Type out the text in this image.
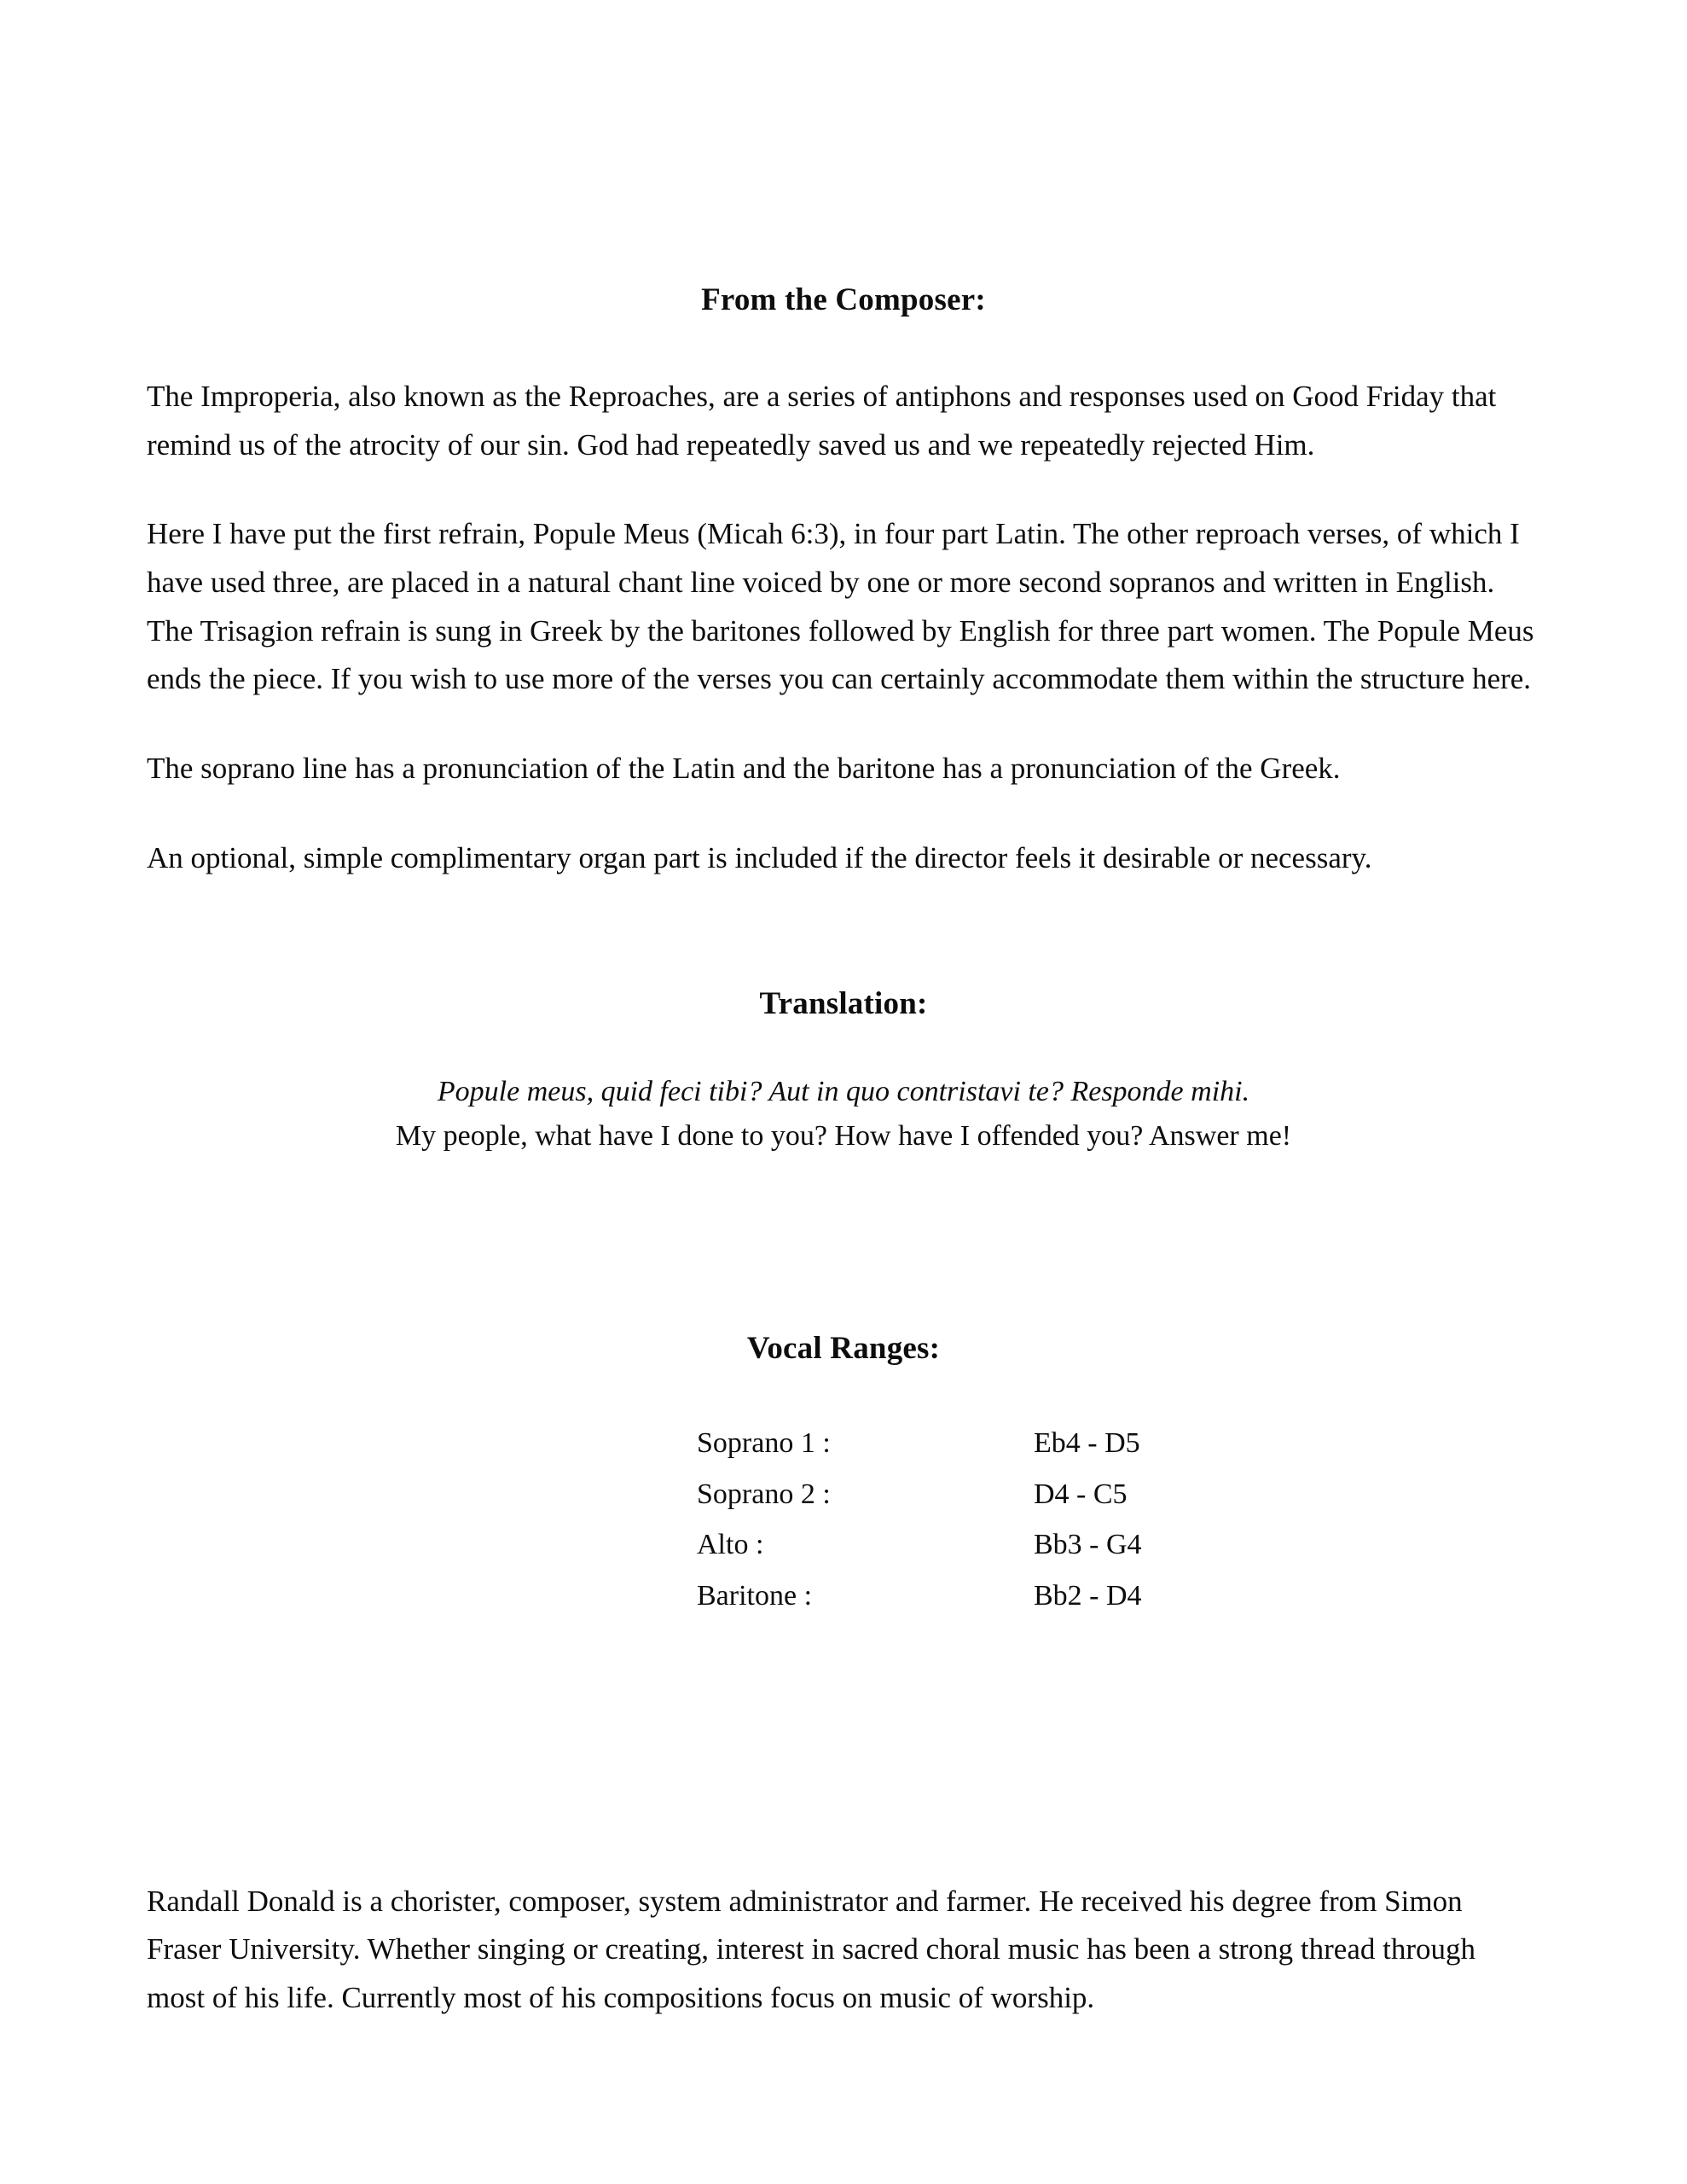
From the Composer:

The Improperia, also known as the Reproaches, are a series of antiphons and responses used on Good Friday that remind us of the atrocity of our sin. God had repeatedly saved us and we repeatedly rejected Him.

Here I have put the first refrain, Popule Meus (Micah 6:3), in four part Latin. The other reproach verses, of which I have used three, are placed in a natural chant line voiced by one or more second sopranos and written in English. The Trisagion refrain is sung in Greek by the baritones followed by English for three part women. The Popule Meus ends the piece. If you wish to use more of the verses you can certainly accommodate them within the structure here.

The soprano line has a pronunciation of the Latin and the baritone has a pronunciation of the Greek.

An optional, simple complimentary organ part is included if the director feels it desirable or necessary.

Translation:
Popule meus, quid feci tibi? Aut in quo contristavi te? Responde mihi.
My people, what have I done to you? How have I offended you? Answer me!
Vocal Ranges:
Soprano 1 :	Eb4 - D5
Soprano 2 :	D4 - C5
Alto :	Bb3 - G4
Baritone :	Bb2 - D4

Randall Donald is a chorister, composer, system administrator and farmer. He received his degree from Simon Fraser University. Whether singing or creating, interest in sacred choral music has been a strong thread through most of his life. Currently most of his compositions focus on music of worship.
